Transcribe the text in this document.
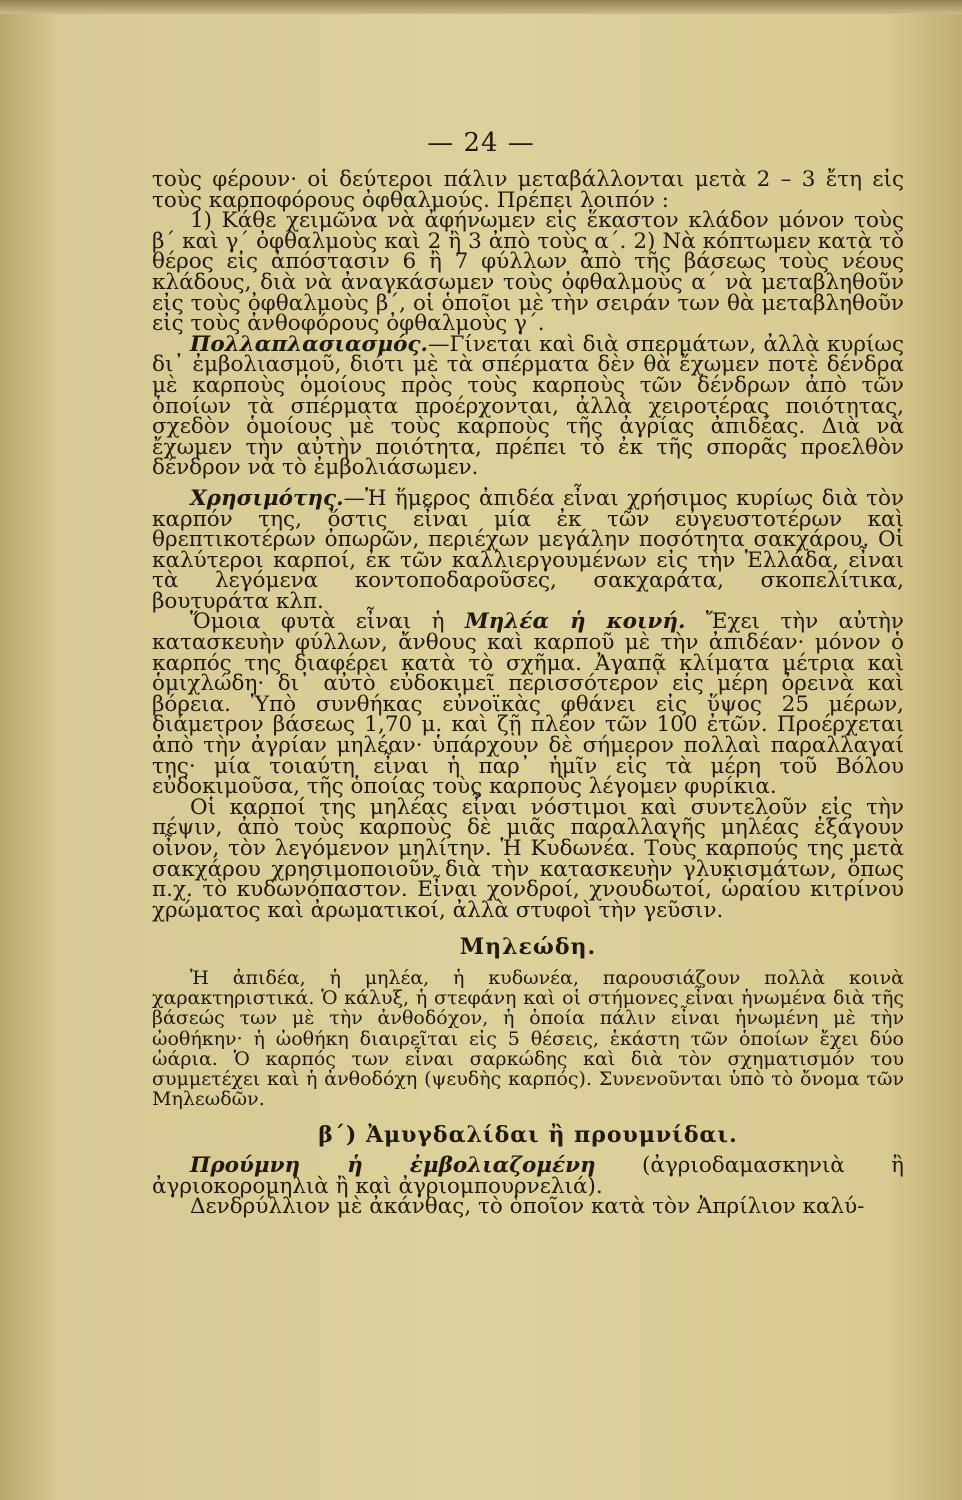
— 24 —

τοὺς φέρουν· οἱ δεύτεροι πάλιν μεταβάλλονται μετὰ 2 – 3 ἔτη εἰς τοὺς καρποφόρους ὀφθαλμούς. Πρέπει λοιπόν :

1) Κάθε χειμῶνα νὰ ἀφήνωμεν εἰς ἕκαστον κλάδον μόνον τοὺς β΄ καὶ γ΄ ὀφθαλμοὺς καὶ 2 ἢ 3 ἀπὸ τοὺς α΄. 2) Νὰ κόπτωμεν κατὰ τὸ θέρος εἰς ἀπόστασιν 6 ἢ 7 φύλλων ἀπὸ τῆς βάσεως τοὺς νέους κλάδους, διὰ νὰ ἀναγκάσωμεν τοὺς ὀφθαλμοὺς α΄ νὰ μεταβληθοῦν εἰς τοὺς ὀφθαλμοὺς β΄, οἱ ὁποῖοι μὲ τὴν σειράν των θὰ μεταβληθοῦν εἰς τοὺς ἀνθοφόρους ὀφθαλμοὺς γ΄.

Πολλαπλασιασμός.—Γίνεται καὶ διὰ σπερμάτων, ἀλλὰ κυρίως δι᾽ ἐμβολιασμοῦ, διότι μὲ τὰ σπέρματα δὲν θὰ ἔχωμεν ποτὲ δένδρα μὲ καρποὺς ὁμοίους πρὸς τοὺς καρποὺς τῶν δένδρων ἀπὸ τῶν ὁποίων τὰ σπέρματα προέρχονται, ἀλλὰ χειροτέρας ποιότητας, σχεδὸν ὁμοίους μὲ τοὺς καρποὺς τῆς ἀγρίας ἀπιδέας. Διὰ νὰ ἔχωμεν τὴν αὐτὴν ποιότητα, πρέπει τὸ ἐκ τῆς σπορᾶς προελθὸν δένδρον νὰ τὸ ἐμβολιάσωμεν.

Χρησιμότης.—Ἡ ἥμερος ἀπιδέα εἶναι χρήσιμος κυρίως διὰ τὸν καρπόν της, ὅστις εἶναι μία ἐκ τῶν εὐγευστοτέρων καὶ θρεπτικοτέρων ὀπωρῶν, περιέχων μεγάλην ποσότητα σακχάρου. Οἱ καλύτεροι καρποί, ἐκ τῶν καλλιεργουμένων εἰς τὴν Ἑλλάδα, εἶναι τὰ λεγόμενα κοντοποδαροῦσες, σακχαράτα, σκοπελίτικα, βουτυράτα κλπ.

Ὅμοια φυτὰ εἶναι ἡ Μηλέα ἡ κοινή. Ἔχει τὴν αὐτὴν κατασκευὴν φύλλων, ἄνθους καὶ καρποῦ μὲ τὴν ἀπιδέαν· μόνον ὁ καρπός της διαφέρει κατὰ τὸ σχῆμα. Ἀγαπᾷ κλίματα μέτρια καὶ ὁμιχλώδη· δι᾽ αὐτὸ εὐδοκιμεῖ περισσότερον εἰς μέρη ὀρεινὰ καὶ βόρεια. Ὑπὸ συνθήκας εὐνοϊκὰς φθάνει εἰς ὕψος 25 μέρων, διάμετρον βάσεως 1,70 μ. καὶ ζῇ πλέον τῶν 100 ἐτῶν. Προέρχεται ἀπὸ τὴν ἀγρίαν μηλέαν· ὑπάρχουν δὲ σήμερον πολλαὶ παραλλαγαί της· μία τοιαύτη εἶναι ἡ παρ᾽ ἡμῖν εἰς τὰ μέρη τοῦ Βόλου εὐδοκιμοῦσα, τῆς ὁποίας τοὺς καρποὺς λέγομεν φυρίκια.

Οἱ καρποί της μηλέας εἶναι νόστιμοι καὶ συντελοῦν εἰς τὴν πέψιν, ἀπὸ τοὺς καρποὺς δὲ μιᾶς παραλλαγῆς μηλέας ἐξάγουν οἶνον, τὸν λεγόμενον μηλίτην. Ἡ Κυδωνέα. Τοὺς καρπούς της μετὰ σακχάρου χρησιμοποιοῦν διὰ τὴν κατασκευὴν γλυκισμάτων, ὅπως π.χ. τὸ κυδωνόπαστον. Εἶναι χονδροί, χνουδωτοί, ὡραίου κιτρίνου χρώματος καὶ ἀρωματικοί, ἀλλὰ στυφοὶ τὴν γεῦσιν.

Μηλεώδη.

Ἡ ἀπιδέα, ἡ μηλέα, ἡ κυδωνέα, παρουσιάζουν πολλὰ κοινὰ χαρακτηριστικά. Ὁ κάλυξ, ἡ στεφάνη καὶ οἱ στήμονες εἶναι ἡνωμένα διὰ τῆς βάσεώς των μὲ τὴν ἀνθοδόχον, ἡ ὁποία πάλιν εἶναι ἡνωμένη μὲ τὴν ὠοθήκην· ἡ ὠοθήκη διαιρεῖται εἰς 5 θέσεις, ἑκάστη τῶν ὁποίων ἔχει δύο ὠάρια. Ὁ καρπός των εἶναι σαρκώδης καὶ διὰ τὸν σχηματισμόν του συμμετέχει καὶ ἡ ἀνθοδόχη (ψευδὴς καρπός). Συνενοῦνται ὑπὸ τὸ ὄνομα τῶν Μηλεωδῶν.

β΄) Ἀμυγδαλίδαι ἢ προυμνίδαι.

Προύμνη ἡ ἐμβολιαζομένη (ἀγριοδαμασκηνιὰ ἢ ἀγριοκορομηλιὰ ἢ καὶ ἀγριομπουρνελιά).

Δενδρύλλιον μὲ ἀκάνθας, τὸ ὁποῖον κατὰ τὸν Ἀπρίλιον καλύ-
